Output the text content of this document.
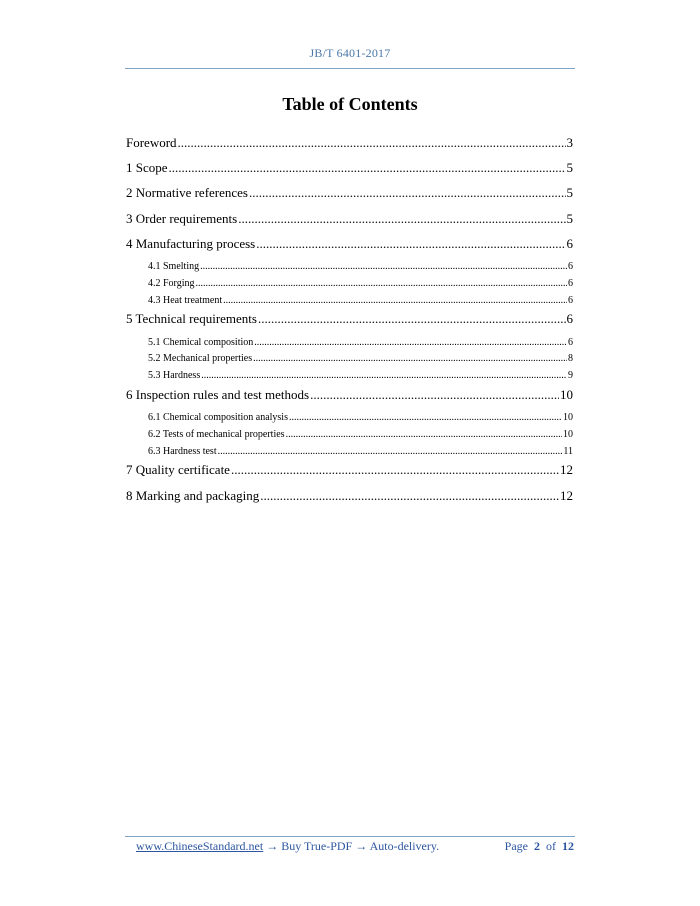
JB/T 6401-2017
Table of Contents
Foreword .....	3
1 Scope .....	5
2 Normative references .....	5
3 Order requirements .....	5
4 Manufacturing process .....	6
4.1 Smelting .....	6
4.2 Forging .....	6
4.3 Heat treatment .....	6
5 Technical requirements .....	6
5.1 Chemical composition .....	6
5.2 Mechanical properties .....	8
5.3 Hardness .....	9
6 Inspection rules and test methods .....	10
6.1 Chemical composition analysis .....	10
6.2 Tests of mechanical properties .....	10
6.3 Hardness test .....	11
7 Quality certificate .....	12
8 Marking and packaging .....	12
www.ChineseStandard.net → Buy True-PDF → Auto-delivery.	Page 2 of 12
